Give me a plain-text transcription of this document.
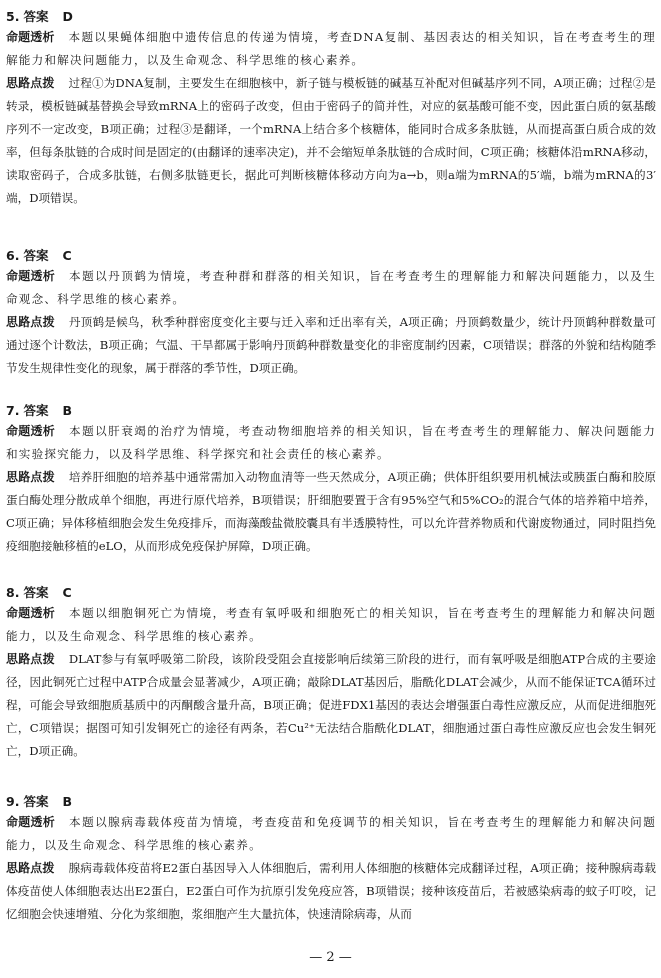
5. 答案 D

命题透析 本题以果蝇体细胞中遗传信息的传递为情境，考查DNA复制、基因表达的相关知识，旨在考查考生的理解能力和解决问题能力，以及生命观念、科学思维的核心素养。

思路点拨 过程①为DNA复制，主要发生在细胞核中，新子链与模板链的碱基互补配对但碱基序列不同，A项正确；过程②是转录，模板链碱基替换会导致mRNA上的密码子改变，但由于密码子的简并性，对应的氨基酸可能不变，因此蛋白质的氨基酸序列不一定改变，B项正确；过程③是翻译，一个mRNA上结合多个核糖体，能同时合成多条肽链，从而提高蛋白质合成的效率，但每条肽链的合成时间是固定的(由翻译的速率决定)，并不会缩短单条肽链的合成时间，C项正确；核糖体沿mRNA移动，读取密码子，合成多肽链，右侧多肽链更长，据此可判断核糖体移动方向为a→b，则a端为mRNA的5′端，b端为mRNA的3′端，D项错误。

6. 答案 C

命题透析 本题以丹顶鹤为情境，考查种群和群落的相关知识，旨在考查考生的理解能力和解决问题能力，以及生命观念、科学思维的核心素养。

思路点拨 丹顶鹤是候鸟，秋季种群密度变化主要与迁入率和迁出率有关，A项正确；丹顶鹤数量少，统计丹顶鹤种群数量可通过逐个计数法，B项正确；气温、干旱都属于影响丹顶鹤种群数量变化的非密度制约因素，C项错误；群落的外貌和结构随季节发生规律性变化的现象，属于群落的季节性，D项正确。

7. 答案 B

命题透析 本题以肝衰竭的治疗为情境，考查动物细胞培养的相关知识，旨在考查考生的理解能力、解决问题能力和实验探究能力，以及科学思维、科学探究和社会责任的核心素养。

思路点拨 培养肝细胞的培养基中通常需加入动物血清等一些天然成分，A项正确；供体肝组织要用机械法或胰蛋白酶和胶原蛋白酶处理分散成单个细胞，再进行原代培养，B项错误；肝细胞要置于含有95%空气和5%CO₂的混合气体的培养箱中培养，C项正确；异体移植细胞会发生免疫排斥，而海藻酸盐微胶囊具有半透膜特性，可以允许营养物质和代谢废物通过，同时阻挡免疫细胞接触移植的eLO，从而形成免疫保护屏障，D项正确。

8. 答案 C

命题透析 本题以细胞铜死亡为情境，考查有氧呼吸和细胞死亡的相关知识，旨在考查考生的理解能力和解决问题能力，以及生命观念、科学思维的核心素养。

思路点拨 DLAT参与有氧呼吸第二阶段，该阶段受阻会直接影响后续第三阶段的进行，而有氧呼吸是细胞ATP合成的主要途径，因此铜死亡过程中ATP合成量会显著减少，A项正确；敲除DLAT基因后，脂酰化DLAT会减少，从而不能保证TCA循环过程，可能会导致细胞质基质中的丙酮酸含量升高，B项正确；促进FDX1基因的表达会增强蛋白毒性应激反应，从而促进细胞死亡，C项错误；据图可知引发铜死亡的途径有两条，若Cu²⁺无法结合脂酰化DLAT，细胞通过蛋白毒性应激反应也会发生铜死亡，D项正确。

9. 答案 B

命题透析 本题以腺病毒载体疫苗为情境，考查疫苗和免疫调节的相关知识，旨在考查考生的理解能力和解决问题能力，以及生命观念、科学思维的核心素养。

思路点拨 腺病毒载体疫苗将E2蛋白基因导入人体细胞后，需利用人体细胞的核糖体完成翻译过程，A项正确；接种腺病毒载体疫苗使人体细胞表达出E2蛋白，E2蛋白可作为抗原引发免疫应答，B项错误；接种该疫苗后，若被感染病毒的蚊子叮咬，记忆细胞会快速增殖、分化为浆细胞，浆细胞产生大量抗体，快速清除病毒，从而

— 2 —
